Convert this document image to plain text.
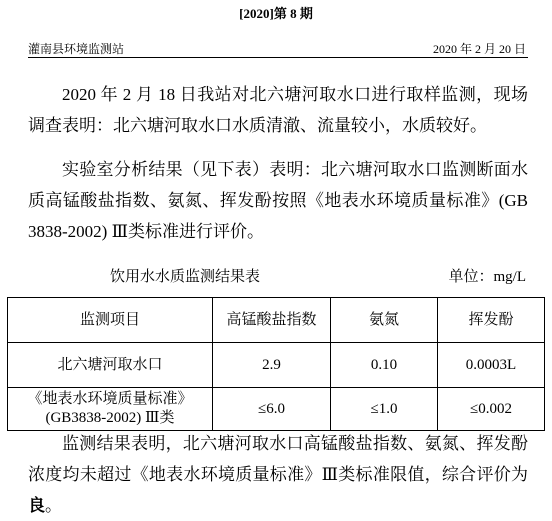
[2020]第 8 期
灌南县环境监测站	2020 年 2 月 20 日

2020 年 2 月 18 日我站对北六塘河取水口进行取样监测，现场调查表明：北六塘河取水口水质清澈、流量较小，水质较好。

实验室分析结果（见下表）表明：北六塘河取水口监测断面水质高锰酸盐指数、氨氮、挥发酚按照《地表水环境质量标准》(GB 3838-2002) Ⅲ类标准进行评价。

饮用水水质监测结果表	单位：mg/L
监测项目	高锰酸盐指数	氨氮	挥发酚
北六塘河取水口	2.9	0.10	0.0003L

《地表水环境质量标准》
(GB3838-2002) Ⅲ类	≤6.0	≤1.0	≤0.002

监测结果表明，北六塘河取水口高锰酸盐指数、氨氮、挥发酚浓度均未超过《地表水环境质量标准》Ⅲ类标准限值，综合评价为良。
